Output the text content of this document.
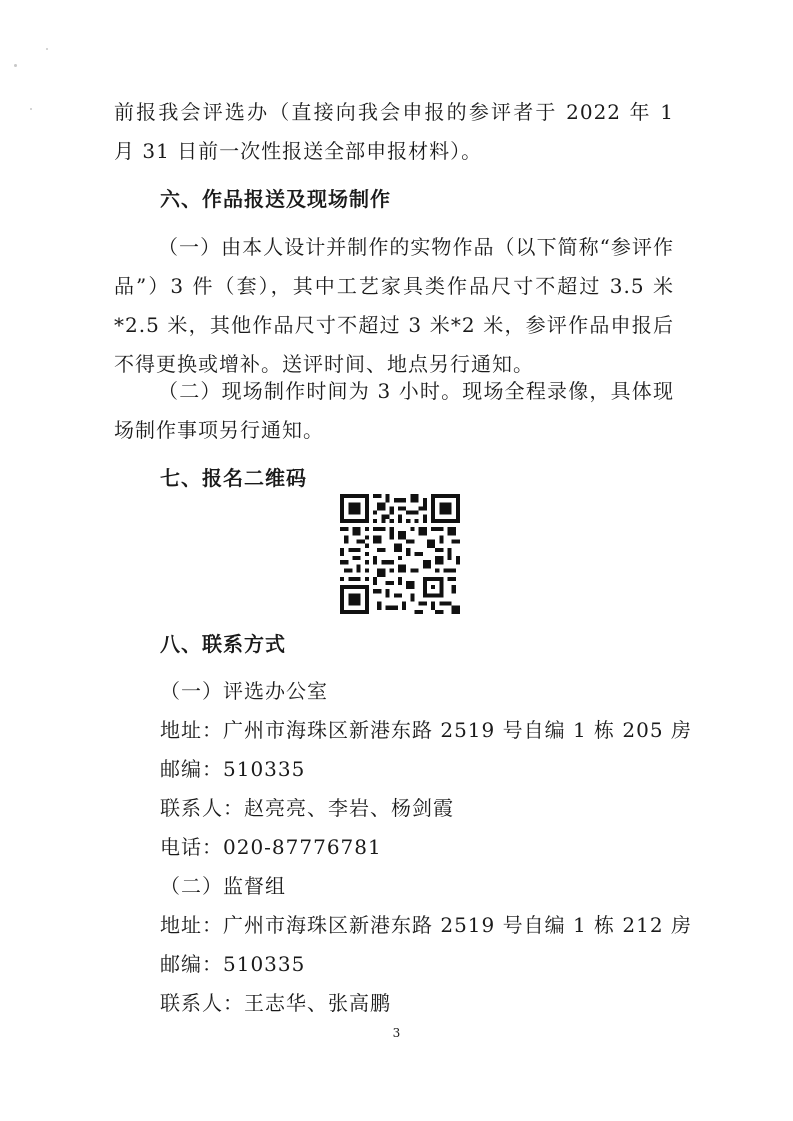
前报我会评选办（直接向我会申报的参评者于 2022 年 1 月 31 日前一次性报送全部申报材料）。
六、作品报送及现场制作
（一）由本人设计并制作的实物作品（以下简称“参评作品”）3 件（套），其中工艺家具类作品尺寸不超过 3.5 米*2.5 米，其他作品尺寸不超过 3 米*2 米，参评作品申报后不得更换或增补。送评时间、地点另行通知。
（二）现场制作时间为 3 小时。现场全程录像，具体现场制作事项另行通知。
七、报名二维码
八、联系方式
（一）评选办公室
地址：广州市海珠区新港东路 2519 号自编 1 栋 205 房
邮编：510335
联系人：赵亮亮、李岩、杨剑霞
电话：020-87776781
（二）监督组
地址：广州市海珠区新港东路 2519 号自编 1 栋 212 房
邮编：510335
联系人：王志华、张高鹏
3
